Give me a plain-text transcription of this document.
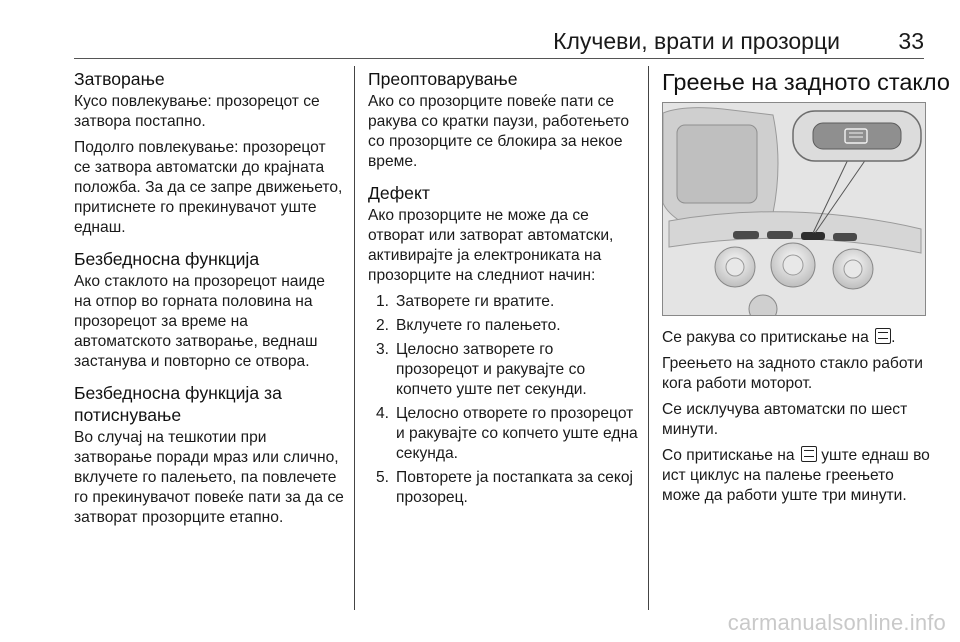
Клучеви, врати и прозорци	33
Затворање

Кусо повлекување: прозорецот се затвора постапно.

Подолго повлекување: прозорецот се затвора автоматски до крајната положба. За да се запре движењето, притиснете го прекинувачот уште еднаш.

Безбедносна функција

Ако стаклото на прозорецот наиде на отпор во горната половина на прозорецот за време на автоматското затворање, веднаш застанува и повторно се отвора.

Безбедносна функција за потиснување

Во случај на тешкотии при затворање поради мраз или слично, вклучете го палењето, па повлечете го прекинувачот повеќе пати за да се затворат прозорците етапно.

Преоптоварување

Ако со прозорците повеќе пати се ракува со кратки паузи, работењето со прозорците се блокира за некое време.

Дефект

Ако прозорците не може да се отворат или затворат автоматски, активирајте ја електрониката на прозорците на следниот начин:

1. Затворете ги вратите.
2. Вклучете го палењето.
3. Целосно затворете го прозорецот и ракувајте со копчето уште пет секунди.
4. Целосно отворете го прозорецот и ракувајте со копчето уште една секунда.
5. Повторете ја постапката за секој прозорец.
Греење на задното стакло

Се ракува со притискање на .

Греењето на задното стакло работи кога работи моторот.

Се исклучува автоматски по шест минути.

Со притискање на уште еднаш во ист циклус на палење греењето може да работи уште три минути.

carmanualsonline.info
